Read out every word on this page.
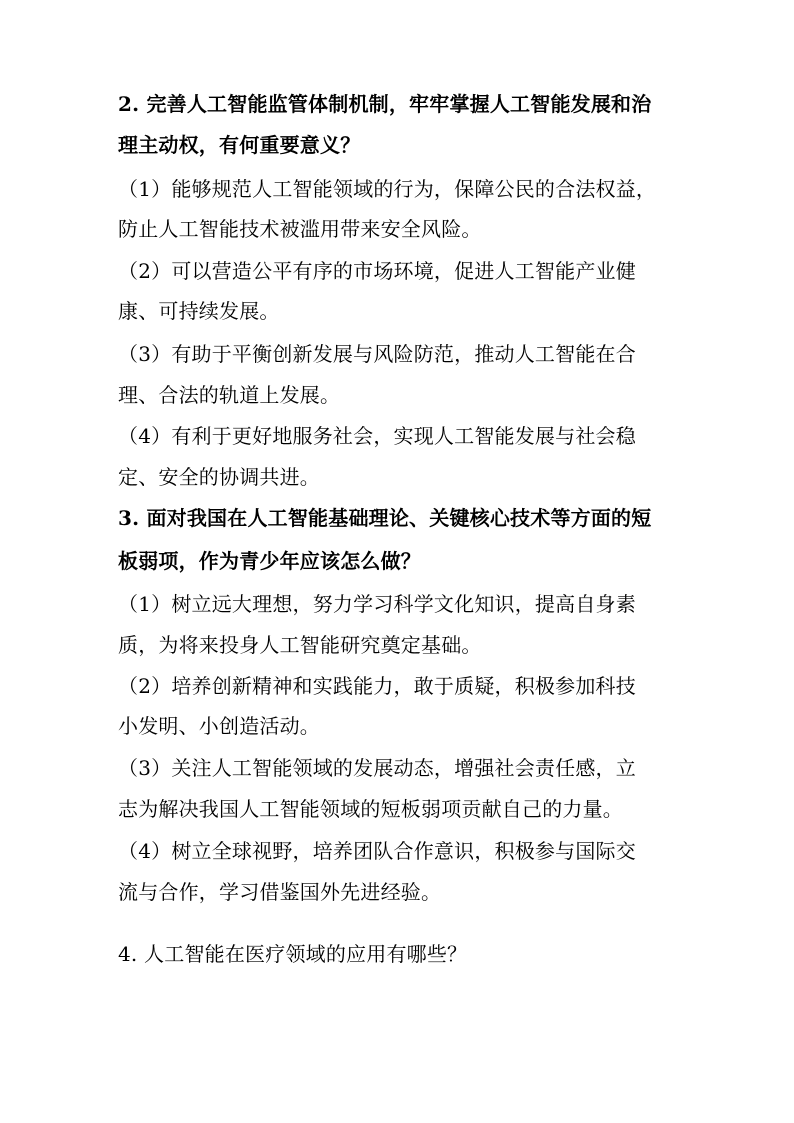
2. 完善人工智能监管体制机制，牢牢掌握人工智能发展和治
理主动权，有何重要意义？
（1）能够规范人工智能领域的行为，保障公民的合法权益，
防止人工智能技术被滥用带来安全风险。
（2）可以营造公平有序的市场环境，促进人工智能产业健
康、可持续发展。
（3）有助于平衡创新发展与风险防范，推动人工智能在合
理、合法的轨道上发展。
（4）有利于更好地服务社会，实现人工智能发展与社会稳
定、安全的协调共进。
3. 面对我国在人工智能基础理论、关键核心技术等方面的短
板弱项，作为青少年应该怎么做？
（1）树立远大理想，努力学习科学文化知识，提高自身素
质，为将来投身人工智能研究奠定基础。
（2）培养创新精神和实践能力，敢于质疑，积极参加科技
小发明、小创造活动。
（3）关注人工智能领域的发展动态，增强社会责任感，立
志为解决我国人工智能领域的短板弱项贡献自己的力量。
（4）树立全球视野，培养团队合作意识，积极参与国际交
流与合作，学习借鉴国外先进经验。
4. 人工智能在医疗领域的应用有哪些？
